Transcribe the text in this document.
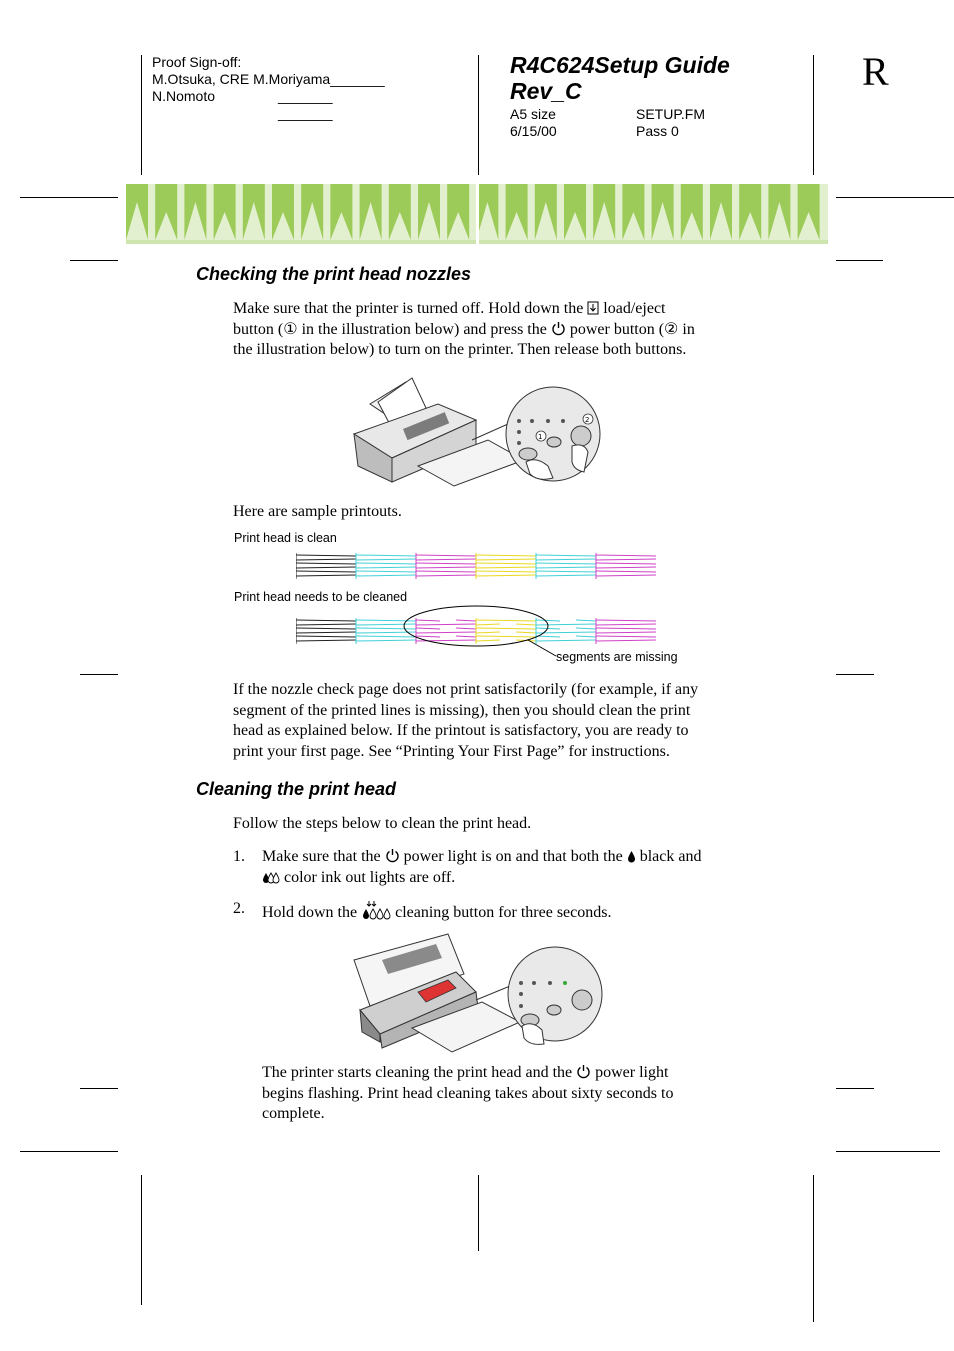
Proof Sign-off:
M.Otsuka, CRE M.Moriyama_______
N.Nomoto	_______
_______
R4C624Setup Guide
Rev_C
A5 size	SETUP.FM
6/15/00	Pass 0
R
Checking the print head nozzles
Make sure that the printer is turned off. Hold down the load/eject
button (① in the illustration below) and press the power button (② in
the illustration below) to turn on the printer. Then release both buttons.
1
2
Here are sample printouts.
Print head is clean
Print head needs to be cleaned
segments are missing
If the nozzle check page does not print satisfactorily (for example, if any
segment of the printed lines is missing), then you should clean the print
head as explained below. If the printout is satisfactory, you are ready to
print your first page. See “Printing Your First Page” for instructions.
Cleaning the print head
Follow the steps below to clean the print head.
1. Make sure that the power light is on and that both the black and
color ink out lights are off.
2. Hold down the cleaning button for three seconds.
The printer starts cleaning the print head and the power light
begins flashing. Print head cleaning takes about sixty seconds to
complete.
